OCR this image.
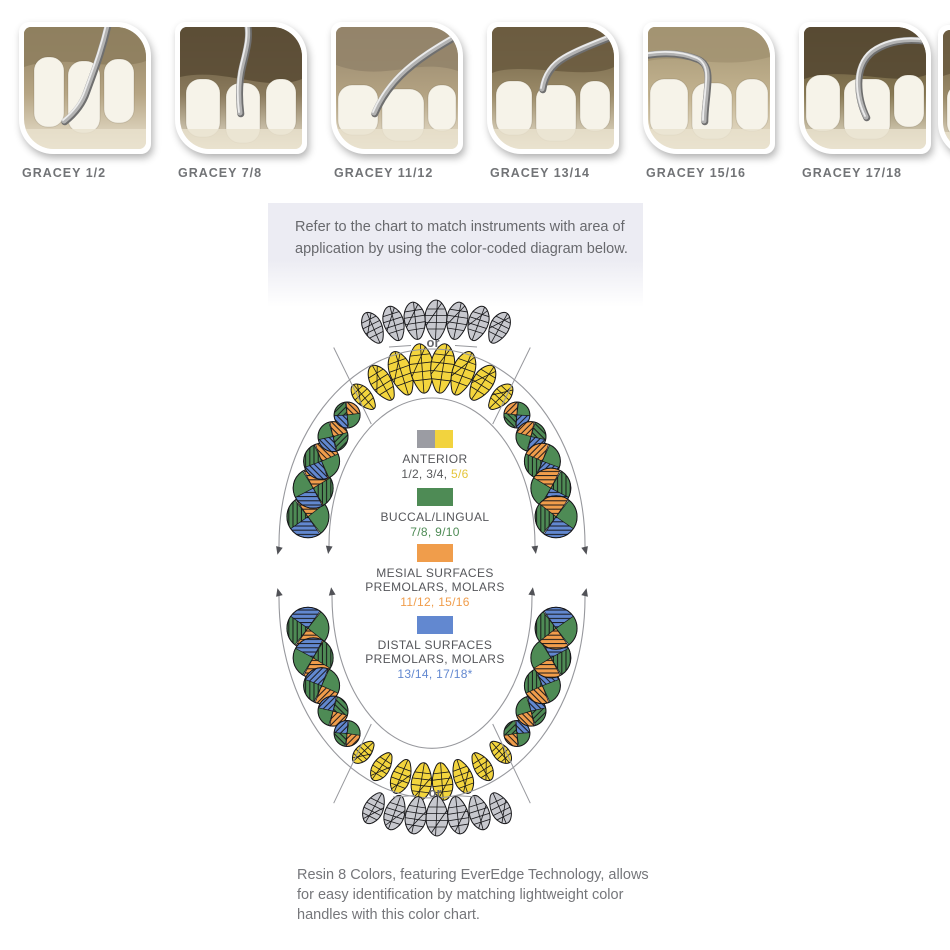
GRACEY 1/2	GRACEY 7/8	GRACEY 11/12	GRACEY 13/14	GRACEY 15/16	GRACEY 17/18
Refer to the chart to match instruments with area of application by using the color-coded diagram below.
or
or
ANTERIOR
1/2, 3/4, 5/6
BUCCAL/LINGUAL
7/8, 9/10
MESIAL SURFACES
PREMOLARS, MOLARS
11/12, 15/16
DISTAL SURFACES
PREMOLARS, MOLARS
13/14, 17/18*
Resin 8 Colors, featuring EverEdge Technology, allows for easy identification by matching lightweight color handles with this color chart.
